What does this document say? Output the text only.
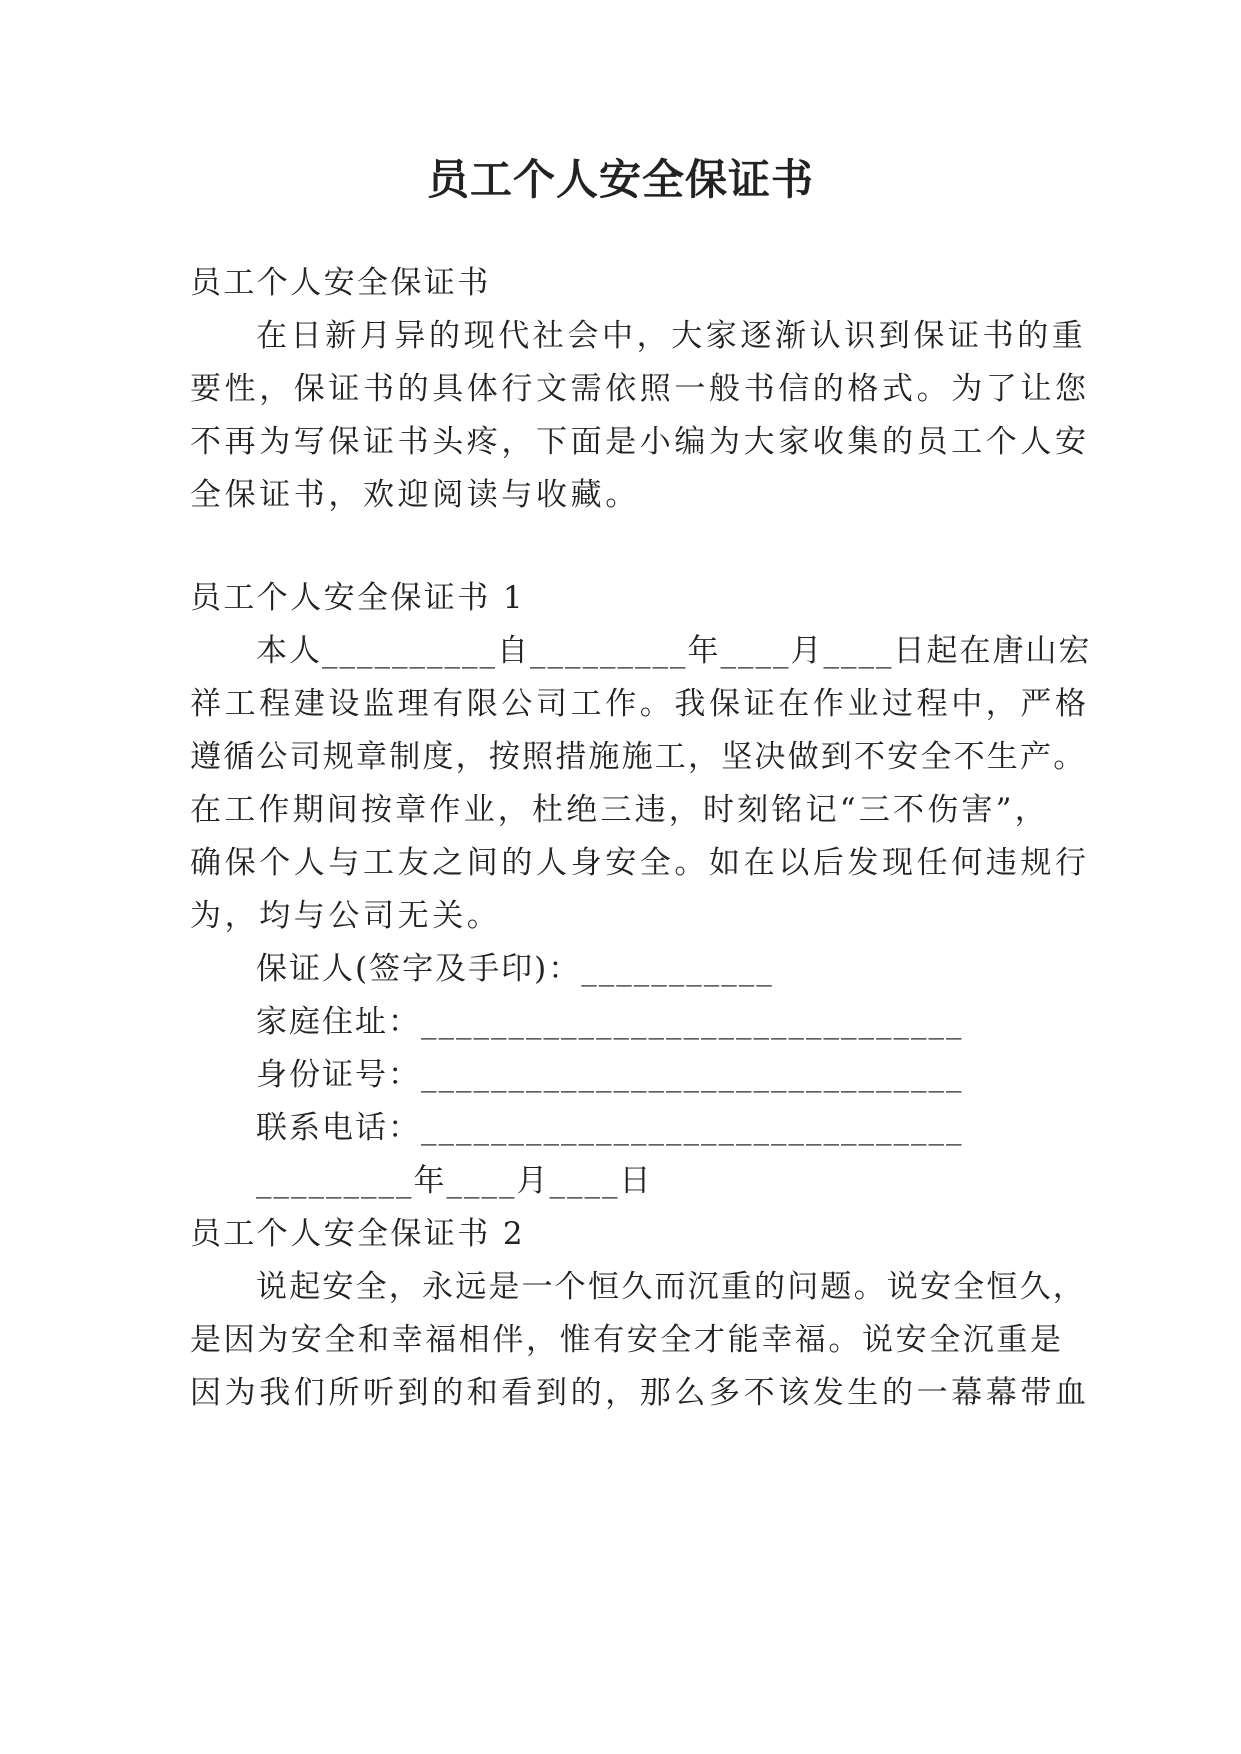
员工个人安全保证书
员工个人安全保证书
在日新月异的现代社会中，大家逐渐认识到保证书的重
要性，保证书的具体行文需依照一般书信的格式。为了让您
不再为写保证书头疼，下面是小编为大家收集的员工个人安
全保证书，欢迎阅读与收藏。
员工个人安全保证书 1
本人__________自_________年____月____日起在唐山宏
祥工程建设监理有限公司工作。我保证在作业过程中，严格
遵循公司规章制度，按照措施施工，坚决做到不安全不生产。
在工作期间按章作业，杜绝三违，时刻铭记“三不伤害”，
确保个人与工友之间的人身安全。如在以后发现任何违规行
为，均与公司无关。
保证人(签字及手印)：___________
家庭住址：_______________________________
身份证号：_______________________________
联系电话：_______________________________
_________年____月____日
员工个人安全保证书 2
说起安全，永远是一个恒久而沉重的问题。说安全恒久，
是因为安全和幸福相伴，惟有安全才能幸福。说安全沉重是
因为我们所听到的和看到的，那么多不该发生的一幕幕带血
